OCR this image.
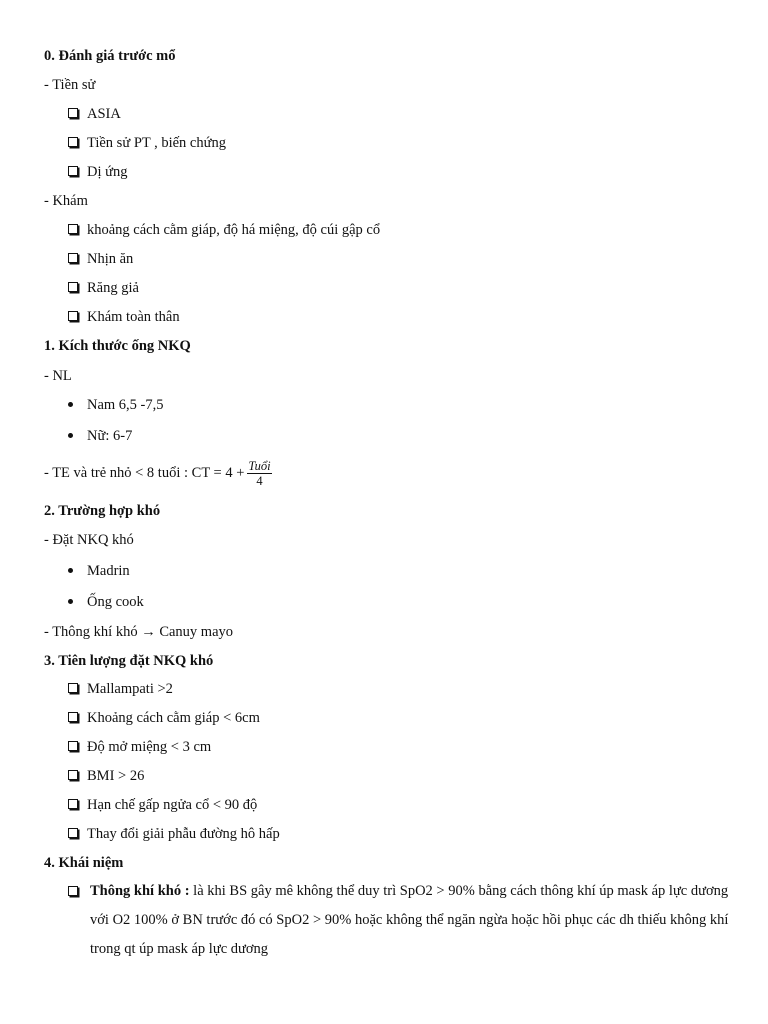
0. Đánh giá trước mổ
- Tiền sử
ASIA
Tiền sử PT , biến chứng
Dị ứng
- Khám
khoảng cách cằm giáp, độ há miệng, độ cúi gập cổ
Nhịn ăn
Răng giả
Khám toàn thân
1. Kích thước ống NKQ
- NL
Nam 6,5 -7,5
Nữ: 6-7
- TE và trẻ nhỏ < 8 tuổi : CT = $4 + \frac{\text{Tuổi}}{4}$
2. Trường hợp khó
- Đặt NKQ khó
Madrin
Ống cook
- Thông khí khó → Canuy mayo
3. Tiên lượng đặt NKQ khó
Mallampati >2
Khoảng cách cằm giáp < 6cm
Độ mở miệng < 3 cm
BMI > 26
Hạn chế gấp ngửa cổ < 90 độ
Thay đổi giải phẫu đường hô hấp
4. Khái niệm
Thông khí khó : là khi BS gây mê không thể duy trì SpO2 > 90% bằng cách thông khí úp mask áp lực dương với O2 100% ở BN trước đó có SpO2 > 90% hoặc không thể ngăn ngừa hoặc hồi phục các dh thiếu không khí trong qt úp mask áp lực dương
